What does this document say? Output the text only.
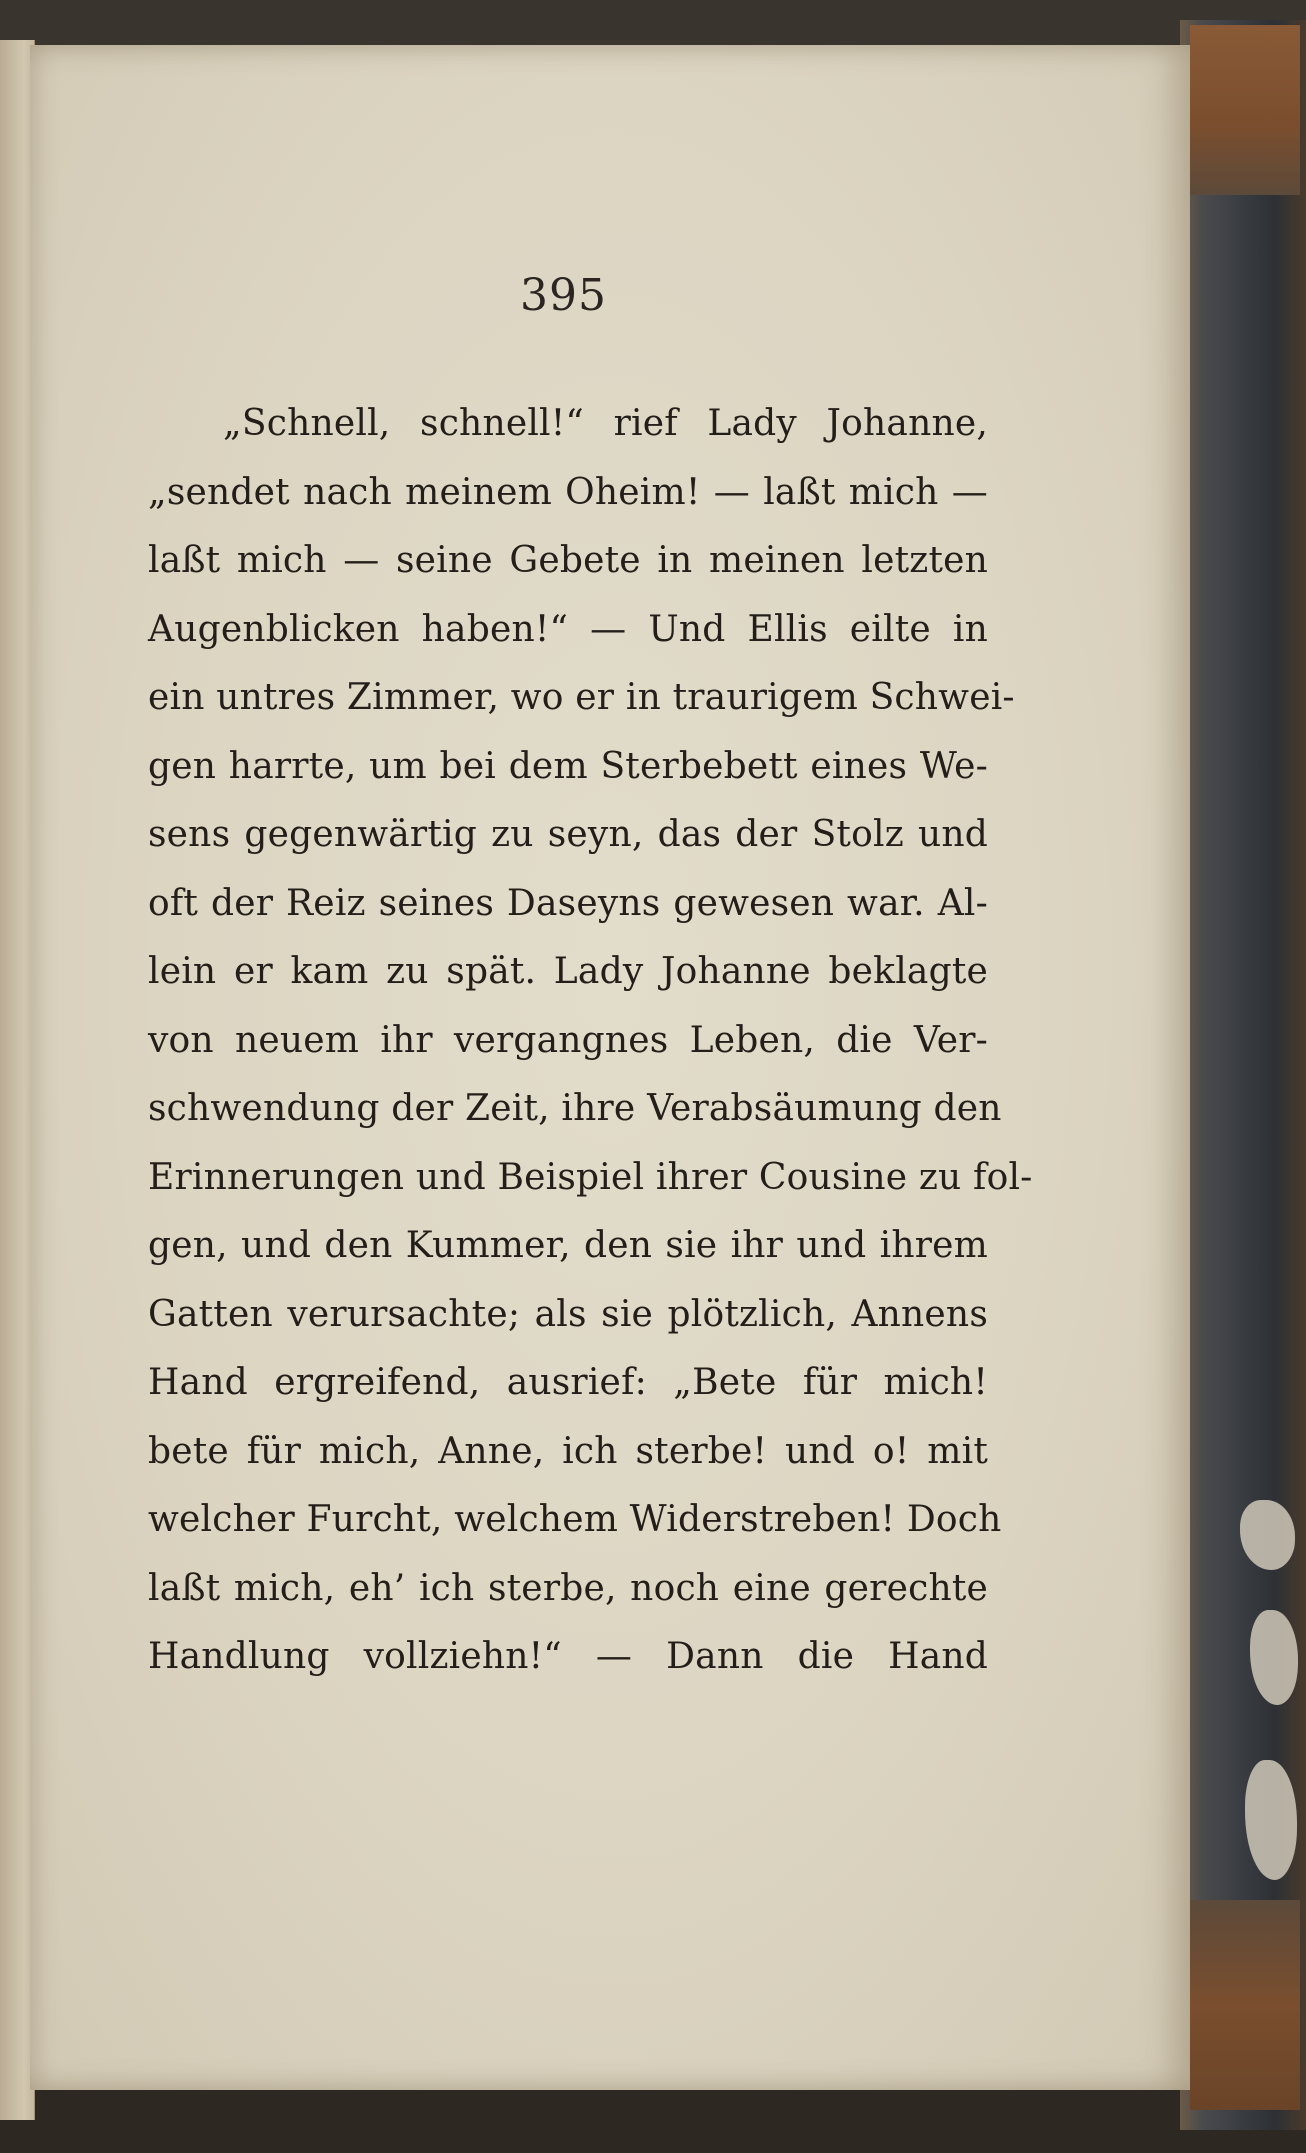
395
„Schnell, schnell!“ rief Lady Johanne,
„sendet nach meinem Oheim! — laßt mich —
laßt mich — seine Gebete in meinen letzten
Augenblicken haben!“ — Und Ellis eilte in
ein untres Zimmer, wo er in traurigem Schwei-
gen harrte, um bei dem Sterbebett eines We-
sens gegenwärtig zu seyn, das der Stolz und
oft der Reiz seines Daseyns gewesen war. Al-
lein er kam zu spät. Lady Johanne beklagte
von neuem ihr vergangnes Leben, die Ver-
schwendung der Zeit, ihre Verabsäumung den
Erinnerungen und Beispiel ihrer Cousine zu fol-
gen, und den Kummer, den sie ihr und ihrem
Gatten verursachte; als sie plötzlich, Annens
Hand ergreifend, ausrief: „Bete für mich!
bete für mich, Anne, ich sterbe! und o! mit
welcher Furcht, welchem Widerstreben! Doch
laßt mich, eh’ ich sterbe, noch eine gerechte
Handlung vollziehn!“ — Dann die Hand
